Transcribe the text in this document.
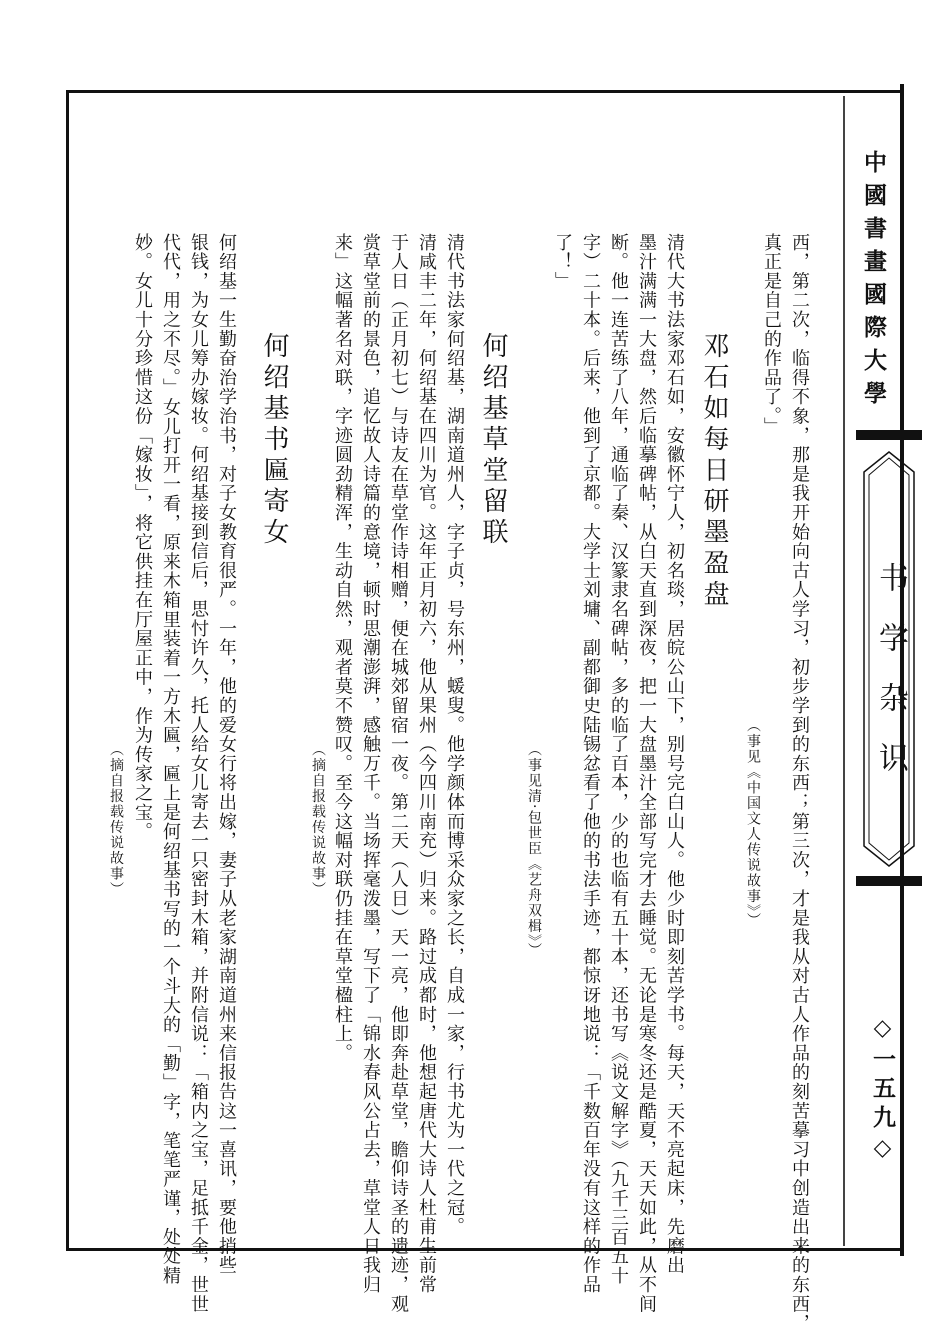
中國書畫國際大學
书学杂识
◇一五九◇
西，第二次，临得不象，那是我开始向古人学习，初步学到的东西；第三次，才是我从对古人作品的刻苦摹习中创造出来的东西，
真正是自己的作品了。」
（事见《中国文人传说故事》）
邓石如每日研墨盈盘
清代大书法家邓石如，安徽怀宁人，初名琰，居皖公山下，别号完白山人。他少时即刻苦学书。每天，天不亮起床，先磨出
墨汁满满一大盘，然后临摹碑帖，从白天直到深夜，把一大盘墨汁全部写完才去睡觉。无论是寒冬还是酷夏，天天如此，从不间
断。他一连苦练了八年，通临了秦、汉篆隶名碑帖，多的临了百本，少的也临有五十本，还书写《说文解字》（九千三百五十
字）二十本。后来，他到了京都。大学士刘墉、副都御史陆锡忿看了他的书法手迹，都惊讶地说：「千数百年没有这样的作品
了！」
（事见清·包世臣《艺舟双楫》）
何绍基草堂留联
清代书法家何绍基，湖南道州人，字子贞，号东州，蝯叟。他学颜体而博采众家之长，自成一家，行书尤为一代之冠。
清咸丰二年，何绍基在四川为官。这年正月初六，他从果州（今四川南充）归来。路过成都时，他想起唐代大诗人杜甫生前常
于人日（正月初七）与诗友在草堂作诗相赠，便在城郊留宿一夜。第二天（人日）天一亮，他即奔赴草堂，瞻仰诗圣的遗迹，观
赏草堂前的景色，追忆故人诗篇的意境，顿时思潮澎湃，感触万千。当场挥毫泼墨，写下了「锦水春风公占去，草堂人日我归
来」这幅著名对联，字迹圆劲精浑，生动自然，观者莫不赞叹。至今这幅对联仍挂在草堂楹柱上。
（摘自报载传说故事）
何绍基书匾寄女
何绍基一生勤奋治学治书，对子女教育很严。一年，他的爱女行将出嫁，妻子从老家湖南道州来信报告这一喜讯，要他捎些
银钱，为女儿筹办嫁妆。何绍基接到信后，思忖许久，托人给女儿寄去一只密封木箱，并附信说：「箱内之宝，足抵千金，世世
代代，用之不尽。」女儿打开一看，原来木箱里装着一方木匾，匾上是何绍基书写的一个斗大的「勤」字，笔笔严谨，处处精
妙。女儿十分珍惜这份「嫁妆」，将它供挂在厅屋正中，作为传家之宝。
（摘自报载传说故事）
